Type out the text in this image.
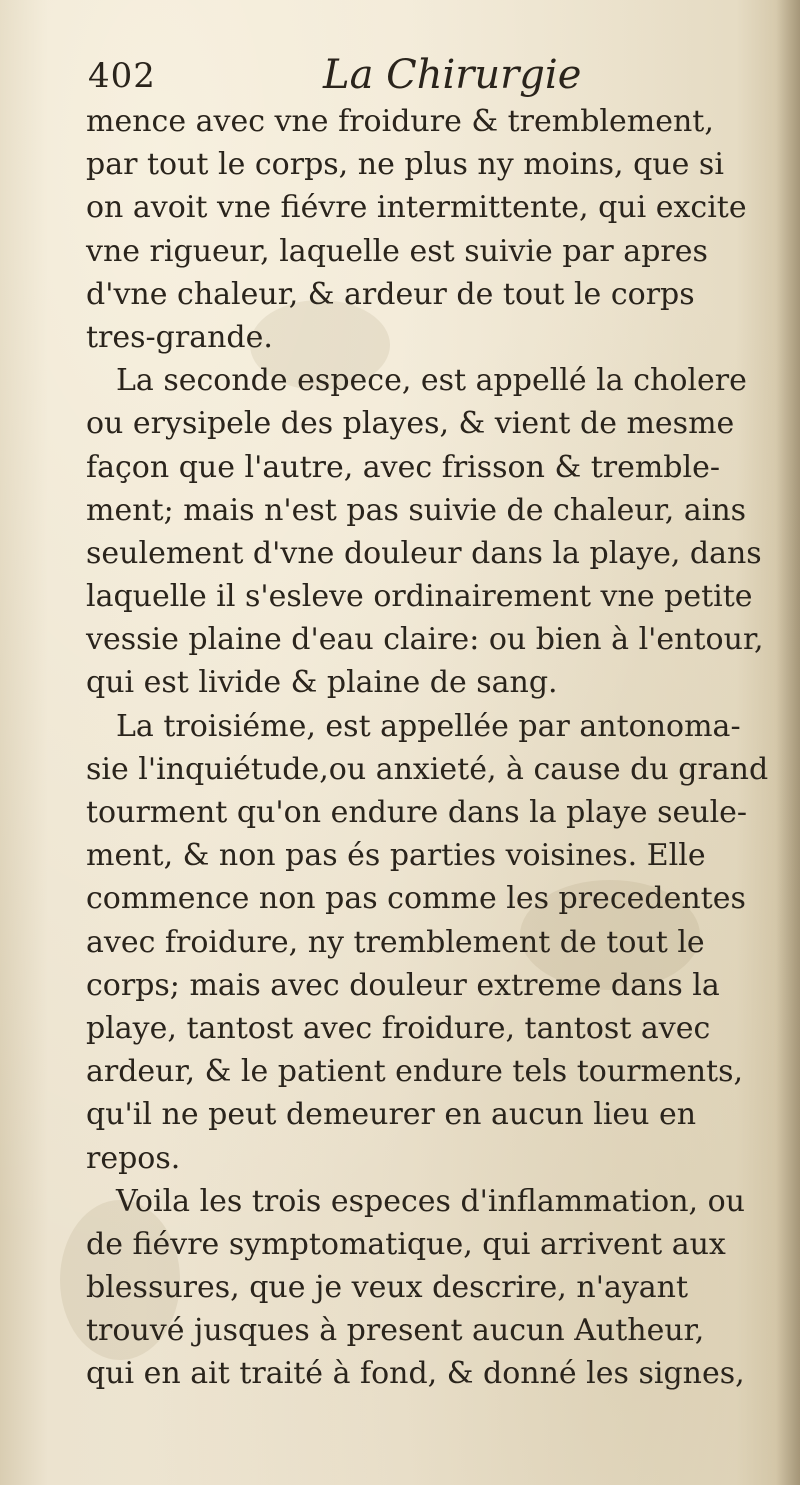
402	La Chirurgie
mence avec vne froidure & tremblement,
par tout le corps, ne plus ny moins, que si
on avoit vne fiévre intermittente, qui excite
vne rigueur, laquelle est suivie par apres
d'vne chaleur, & ardeur de tout le corps
tres-grande.
La seconde espece, est appellé la cholere
ou erysipele des playes, & vient de mesme
façon que l'autre, avec frisson & tremble-
ment; mais n'est pas suivie de chaleur, ains
seulement d'vne douleur dans la playe, dans
laquelle il s'esleve ordinairement vne petite
vessie plaine d'eau claire: ou bien à l'entour,
qui est livide & plaine de sang.
La troisiéme, est appellée par antonoma-
sie l'inquiétude,ou anxieté, à cause du grand
tourment qu'on endure dans la playe seule-
ment, & non pas és parties voisines. Elle
commence non pas comme les precedentes
avec froidure, ny tremblement de tout le
corps; mais avec douleur extreme dans la
playe, tantost avec froidure, tantost avec
ardeur, & le patient endure tels tourments,
qu'il ne peut demeurer en aucun lieu en
repos.
Voila les trois especes d'inflammation, ou
de fiévre symptomatique, qui arrivent aux
blessures, que je veux descrire, n'ayant
trouvé jusques à present aucun Autheur,
qui en ait traité à fond, & donné les signes,
